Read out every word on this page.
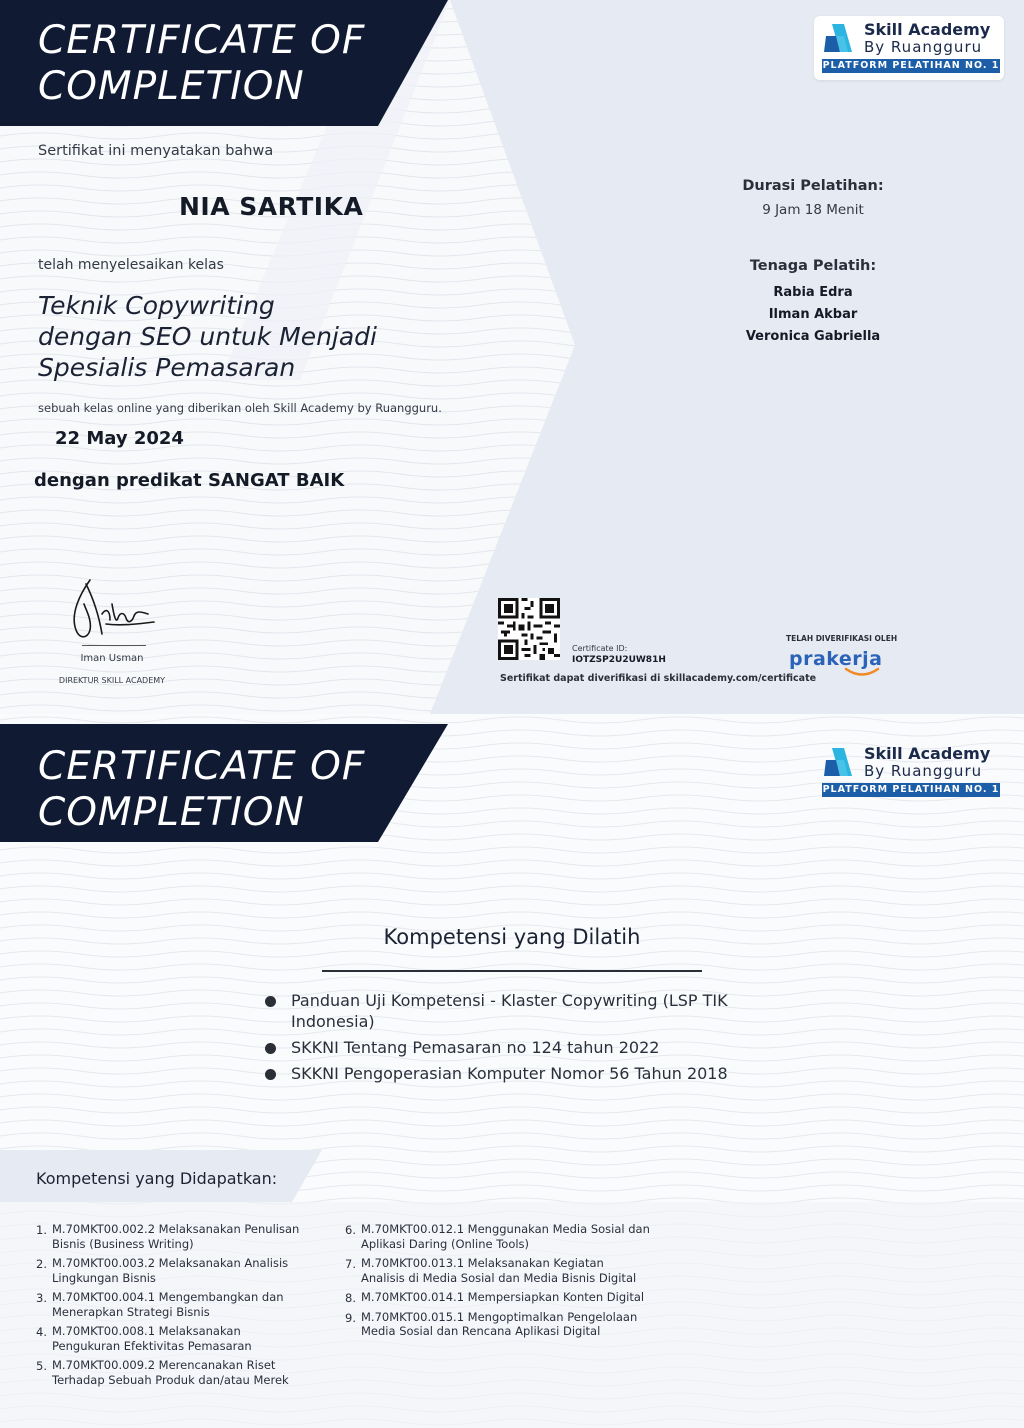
CERTIFICATE OF
COMPLETION
Skill Academy
By Ruangguru
PLATFORM PELATIHAN NO. 1
Sertifikat ini menyatakan bahwa
NIA SARTIKA
telah menyelesaikan kelas
Teknik Copywriting
dengan SEO untuk Menjadi
Spesialis Pemasaran
sebuah kelas online yang diberikan oleh Skill Academy by Ruangguru.
22 May 2024
dengan predikat SANGAT BAIK
Durasi Pelatihan:
9 Jam 18 Menit
Tenaga Pelatih:
Rabia Edra
Ilman Akbar
Veronica Gabriella
Iman Usman
DIREKTUR SKILL ACADEMY
Certificate ID:
IOTZSP2U2UW81H
Sertifikat dapat diverifikasi di skillacademy.com/certificate
TELAH DIVERIFIKASI OLEH
prakerja
CERTIFICATE OF
COMPLETION
Skill Academy
By Ruangguru
PLATFORM PELATIHAN NO. 1
Kompetensi yang Dilatih
Panduan Uji Kompetensi - Klaster Copywriting (LSP TIK Indonesia)
SKKNI Tentang Pemasaran no 124 tahun 2022
SKKNI Pengoperasian Komputer Nomor 56 Tahun 2018
Kompetensi yang Didapatkan:
1. M.70MKT00.002.2 Melaksanakan Penulisan Bisnis (Business Writing)
2. M.70MKT00.003.2 Melaksanakan Analisis Lingkungan Bisnis
3. M.70MKT00.004.1 Mengembangkan dan Menerapkan Strategi Bisnis
4. M.70MKT00.008.1 Melaksanakan Pengukuran Efektivitas Pemasaran
5. M.70MKT00.009.2 Merencanakan Riset Terhadap Sebuah Produk dan/atau Merek
6. M.70MKT00.012.1 Menggunakan Media Sosial dan Aplikasi Daring (Online Tools)
7. M.70MKT00.013.1 Melaksanakan Kegiatan Analisis di Media Sosial dan Media Bisnis Digital
8. M.70MKT00.014.1 Mempersiapkan Konten Digital
9. M.70MKT00.015.1 Mengoptimalkan Pengelolaan Media Sosial dan Rencana Aplikasi Digital
